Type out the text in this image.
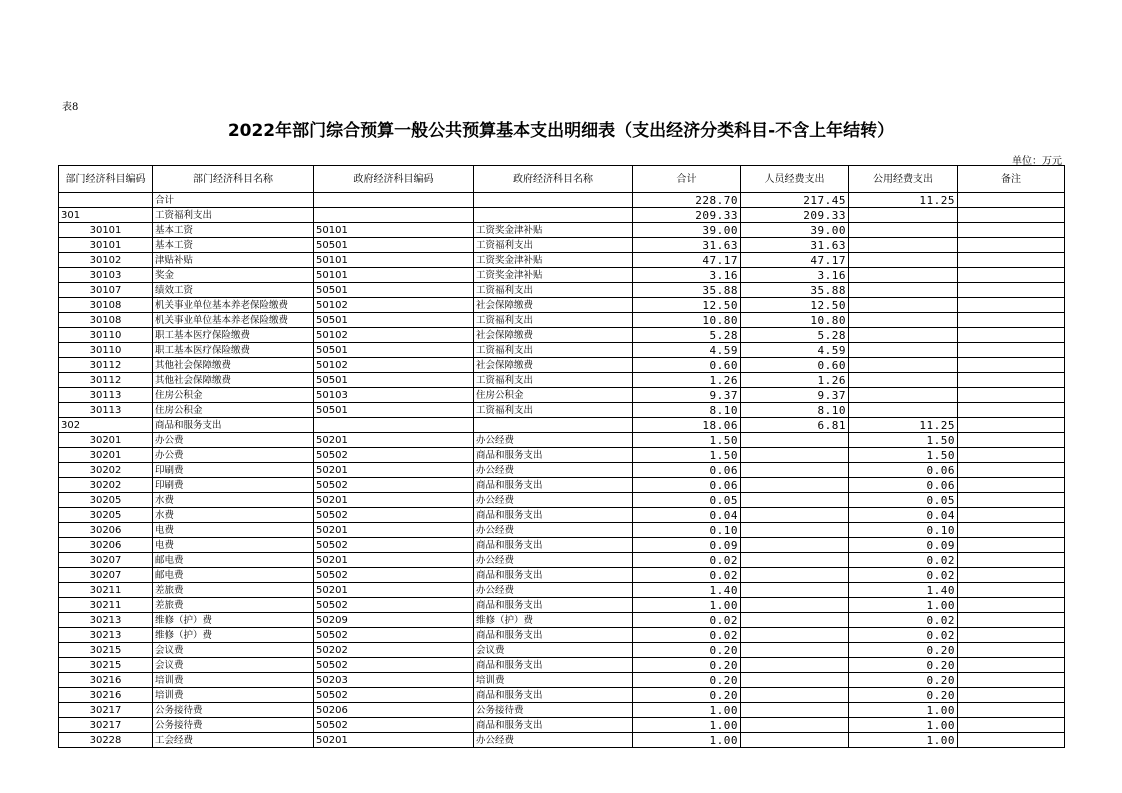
表8
2022年部门综合预算一般公共预算基本支出明细表（支出经济分类科目-不含上年结转）
单位：万元
部门经济科目编码	部门经济科目名称	政府经济科目编码	政府经济科目名称	合计	人员经费支出	公用经费支出	备注
	合计			228.70	217.45	11.25	
301	工资福利支出			209.33	209.33		
30101	基本工资	50101	工资奖金津补贴	39.00	39.00		
30101	基本工资	50501	工资福利支出	31.63	31.63		
30102	津贴补贴	50101	工资奖金津补贴	47.17	47.17		
30103	奖金	50101	工资奖金津补贴	3.16	3.16		
30107	绩效工资	50501	工资福利支出	35.88	35.88		
30108	机关事业单位基本养老保险缴费	50102	社会保障缴费	12.50	12.50		
30108	机关事业单位基本养老保险缴费	50501	工资福利支出	10.80	10.80		
30110	职工基本医疗保险缴费	50102	社会保障缴费	5.28	5.28		
30110	职工基本医疗保险缴费	50501	工资福利支出	4.59	4.59		
30112	其他社会保障缴费	50102	社会保障缴费	0.60	0.60		
30112	其他社会保障缴费	50501	工资福利支出	1.26	1.26		
30113	住房公积金	50103	住房公积金	9.37	9.37		
30113	住房公积金	50501	工资福利支出	8.10	8.10		
302	商品和服务支出			18.06	6.81	11.25	
30201	办公费	50201	办公经费	1.50		1.50	
30201	办公费	50502	商品和服务支出	1.50		1.50	
30202	印刷费	50201	办公经费	0.06		0.06	
30202	印刷费	50502	商品和服务支出	0.06		0.06	
30205	水费	50201	办公经费	0.05		0.05	
30205	水费	50502	商品和服务支出	0.04		0.04	
30206	电费	50201	办公经费	0.10		0.10	
30206	电费	50502	商品和服务支出	0.09		0.09	
30207	邮电费	50201	办公经费	0.02		0.02	
30207	邮电费	50502	商品和服务支出	0.02		0.02	
30211	差旅费	50201	办公经费	1.40		1.40	
30211	差旅费	50502	商品和服务支出	1.00		1.00	
30213	维修（护）费	50209	维修（护）费	0.02		0.02	
30213	维修（护）费	50502	商品和服务支出	0.02		0.02	
30215	会议费	50202	会议费	0.20		0.20	
30215	会议费	50502	商品和服务支出	0.20		0.20	
30216	培训费	50203	培训费	0.20		0.20	
30216	培训费	50502	商品和服务支出	0.20		0.20	
30217	公务接待费	50206	公务接待费	1.00		1.00	
30217	公务接待费	50502	商品和服务支出	1.00		1.00	
30228	工会经费	50201	办公经费	1.00		1.00	
